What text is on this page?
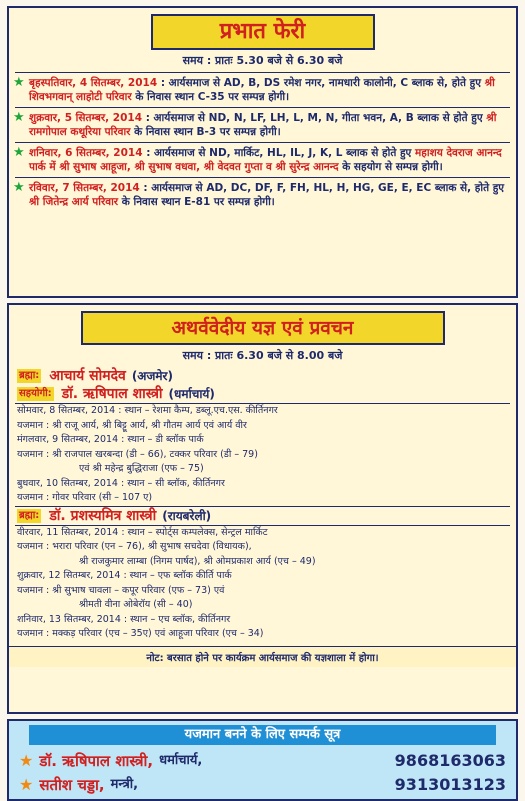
प्रभात फेरी
समय : प्रातः 5.30 बजे से 6.30 बजे
★ बृहस्पतिवार, 4 सितम्बर, 2014 : आर्यसमाज से AD, B, DS रमेश नगर, नामधारी कालोनी, C ब्लाक से, होते हुए श्री शिवभगवान् लाहोटी परिवार के निवास स्थान C-35 पर सम्पन्न होगी।
★ शुक्रवार, 5 सितम्बर, 2014 : आर्यसमाज से ND, N, LF, LH, L, M, N, गीता भवन, A, B ब्लाक से होते हुए श्री रामगोपाल कथूरिया परिवार के निवास स्थान B-3 पर सम्पन्न होगी।
★ शनिवार, 6 सितम्बर, 2014 : आर्यसमाज से ND, मार्किट, HL, IL, J, K, L ब्लाक से होते हुए महाशय देवराज आनन्द पार्क में श्री सुभाष आहूजा, श्री सुभाष वधवा, श्री वेदवत गुप्ता व श्री सुरेन्द्र आनन्द के सहयोग से सम्पन्न होगी।
★ रविवार, 7 सितम्बर, 2014 : आर्यसमाज से AD, DC, DF, F, FH, HL, H, HG, GE, E, EC ब्लाक से, होते हुए श्री जितेन्द्र आर्य परिवार के निवास स्थान E-81 पर सम्पन्न होगी।
अथर्ववेदीय यज्ञ एवं प्रवचन
समय : प्रातः 6.30 बजे से 8.00 बजे
ब्रह्मा: आचार्य सोमदेव (अजमेर)
सहयोगी: डॉ. ऋषिपाल शास्त्री (धर्माचार्य)
सोमवार, 8 सितम्बर, 2014 : स्थान – रेशमा कैम्प, डब्लू.एच.एस. कीर्तिनगर
यजमान : श्री राजू आर्य, श्री बिट्टू आर्य, श्री गौतम आर्य एवं आर्य वीर
मंगलवार, 9 सितम्बर, 2014 : स्थान – डी ब्लॉक पार्क
यजमान : श्री राजपाल खरबन्दा (डी – 66), टक्कर परिवार (डी – 79)
एवं श्री महेन्द्र बुद्धिराजा (एफ – 75)
बुधवार, 10 सितम्बर, 2014 : स्थान – सी ब्लॉक, कीर्तिनगर
यजमान : गोवर परिवार (सी – 107 ए)
ब्रह्मा: डॉ. प्रशस्यमित्र शास्त्री (रायबरेली)
वीरवार, 11 सितम्बर, 2014 : स्थान – स्पोर्ट्स कम्पलेक्स, सेन्ट्रल मार्किट
यजमान : भरारा परिवार (एन – 76), श्री सुभाष सचदेवा (विधायक),
श्री राजकुमार लाम्बा (निगम पार्षद), श्री ओमप्रकाश आर्य (एच – 49)
शुक्रवार, 12 सितम्बर, 2014 : स्थान – एफ ब्लॉक कीर्ति पार्क
यजमान : श्री सुभाष चावला – कपूर परिवार (एफ – 73) एवं
श्रीमती वीना ओबेरॉय (सी – 40)
शनिवार, 13 सितम्बर, 2014 : स्थान – एच ब्लॉक, कीर्तिनगर
यजमान : मक्कड़ परिवार (एच – 35ए) एवं आहूजा परिवार (एच – 34)
नोट: बरसात होने पर कार्यक्रम आर्यसमाज की यज्ञशाला में होगा।
यजमान बनने के लिए सम्पर्क सूत्र
★ डॉ. ऋषिपाल शास्त्री, धर्माचार्य,	9868163063
★ सतीश चड्डा, मन्त्री,	9313013123
